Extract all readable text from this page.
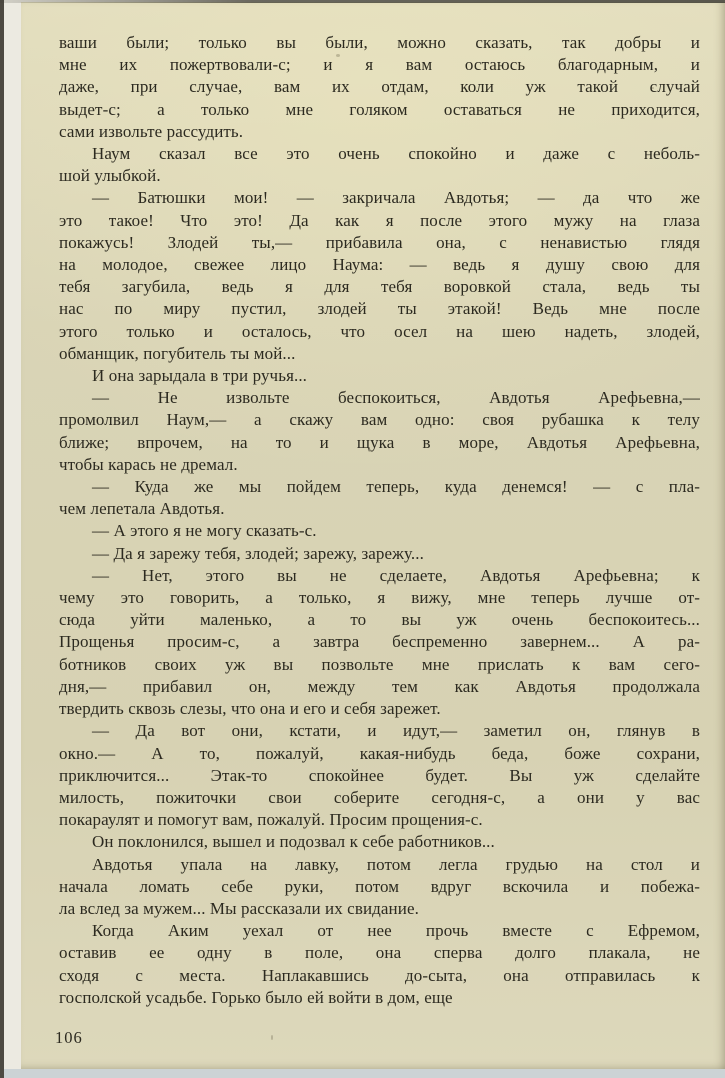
ваши были; только вы были, можно сказать, так добры и
мне их пожертвовали-с; и я вам остаюсь благодарным, и
даже, при случае, вам их отдам, коли уж такой случай
выдет-с; а только мне голяком оставаться не приходится,
сами извольте рассудить.
Наум сказал все это очень спокойно и даже с неболь-
шой улыбкой.
— Батюшки мои! — закричала Авдотья; — да что же
это такое! Что это! Да как я после этого мужу на глаза
покажусь! Злодей ты,— прибавила она, с ненавистью глядя
на молодое, свежее лицо Наума: — ведь я душу свою для
тебя загубила, ведь я для тебя воровкой стала, ведь ты
нас по миру пустил, злодей ты этакой! Ведь мне после
этого только и осталось, что осел на шею надеть, злодей,
обманщик, погубитель ты мой...
И она зарыдала в три ручья...
— Не извольте беспокоиться, Авдотья Арефьевна,—
промолвил Наум,— а скажу вам одно: своя рубашка к телу
ближе; впрочем, на то и щука в море, Авдотья Арефьевна,
чтобы карась не дремал.
— Куда же мы пойдем теперь, куда денемся! — с пла-
чем лепетала Авдотья.
— А этого я не могу сказать-с.
— Да я зарежу тебя, злодей; зарежу, зарежу...
— Нет, этого вы не сделаете, Авдотья Арефьевна; к
чему это говорить, а только, я вижу, мне теперь лучше от-
сюда уйти маленько, а то вы уж очень беспокоитесь...
Прощенья просим-с, а завтра беспременно завернем... А ра-
ботников своих уж вы позвольте мне прислать к вам сего-
дня,— прибавил он, между тем как Авдотья продолжала
твердить сквозь слезы, что она и его и себя зарежет.
— Да вот они, кстати, и идут,— заметил он, глянув в
окно.— А то, пожалуй, какая-нибудь беда, боже сохрани,
приключится... Этак-то спокойнее будет. Вы уж сделайте
милость, пожиточки свои соберите сегодня-с, а они у вас
покараулят и помогут вам, пожалуй. Просим прощения-с.
Он поклонился, вышел и подозвал к себе работников...
Авдотья упала на лавку, потом легла грудью на стол и
начала ломать себе руки, потом вдруг вскочила и побежа-
ла вслед за мужем... Мы рассказали их свидание.
Когда Аким уехал от нее прочь вместе с Ефремом,
оставив ее одну в поле, она сперва долго плакала, не
сходя с места. Наплакавшись до-сыта, она отправилась к
госполской усадьбе. Горько было ей войти в дом, еще
106
